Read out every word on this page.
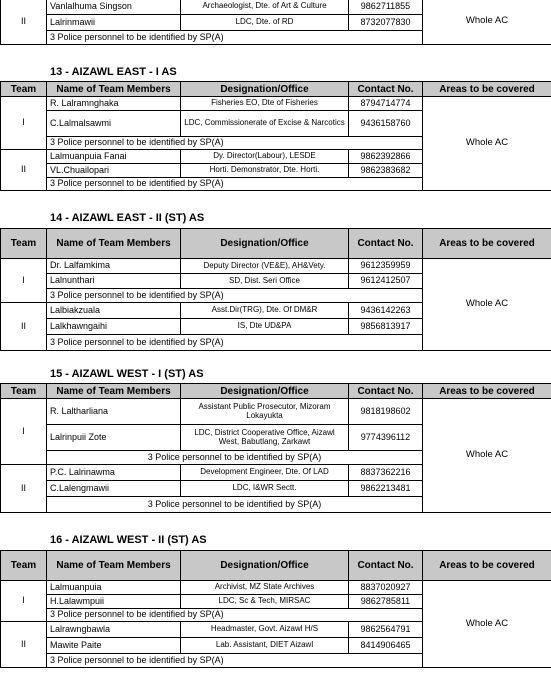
II	Vanlalhuma Singson	Archaeologist, Dte. of Art & Culture	9862711855	Whole AC
	Lalrinmawii	LDC, Dte. of RD	8732077830	
	3 Police personnel to be identified by SP(A)			
13 - AIZAWL EAST - I AS
Team	Name of Team Members	Designation/Office	Contact No.	Areas to be covered
I	R. Lalramnghaka	Fisheries EO, Dte of Fisheries	8794714774	Whole AC
	C.Lalmalsawmi	LDC, Commissionerate of Excise & Narcotics	9436158760	
	3 Police personnel to be identified by SP(A)			
II	Lalmuanpuia Fanai	Dy. Director(Labour), LESDE	9862392866	
	VL.Chuailopari	Horti. Demonstrator, Dte. Horti.	9862383682	
	3 Police personnel to be identified by SP(A)			
14 - AIZAWL EAST - II (ST) AS
Team	Name of Team Members	Designation/Office	Contact No.	Areas to be covered
I	Dr. Lalfamkima	Deputy Director (VE&E), AH&Vety.	9612359959	Whole AC
	Lalnunthari	SD, Dist. Seri Office	9612412507	
	3 Police personnel to be identified by SP(A)			
II	Lalbiakzuala	Asst.Dir(TRG), Dte. Of DM&R	9436142263	
	Lalkhawngaihi	IS, Dte UD&PA	9856813917	
	3 Police personnel to be identified by SP(A)			
15 - AIZAWL WEST - I (ST) AS
Team	Name of Team Members	Designation/Office	Contact No.	Areas to be covered
I	R. Laltharliana	Assistant Public Prosecutor, Mizoram Lokayukta	9818198602	Whole AC
	Lalrinpuii Zote	LDC, District Cooperative Office, Aizawl West, Babutlang, Zarkawt	9774396112	
	3 Police personnel to be identified by SP(A)			
II	P.C. Lalrinawma	Development Engineer, Dte. Of LAD	8837362216	
	C.Lalengmawii	LDC, I&WR Sectt.	9862213481	
	3 Police personnel to be identified by SP(A)			
16 - AIZAWL WEST - II (ST) AS
Team	Name of Team Members	Designation/Office	Contact No.	Areas to be covered
I	Lalmuanpuia	Archivist, MZ State Archives	8837020927	Whole AC
	H.Lalawmpuii	LDC, Sc & Tech, MIRSAC	9862785811	
	3 Police personnel to be identified by SP(A)			
II	Lalrawngbawla	Headmaster, Govt. Aizawl H/S	9862564791	
	Mawite Paite	Lab. Assistant, DIET Aizawl	8414906465	
	3 Police personnel to be identified by SP(A)			
